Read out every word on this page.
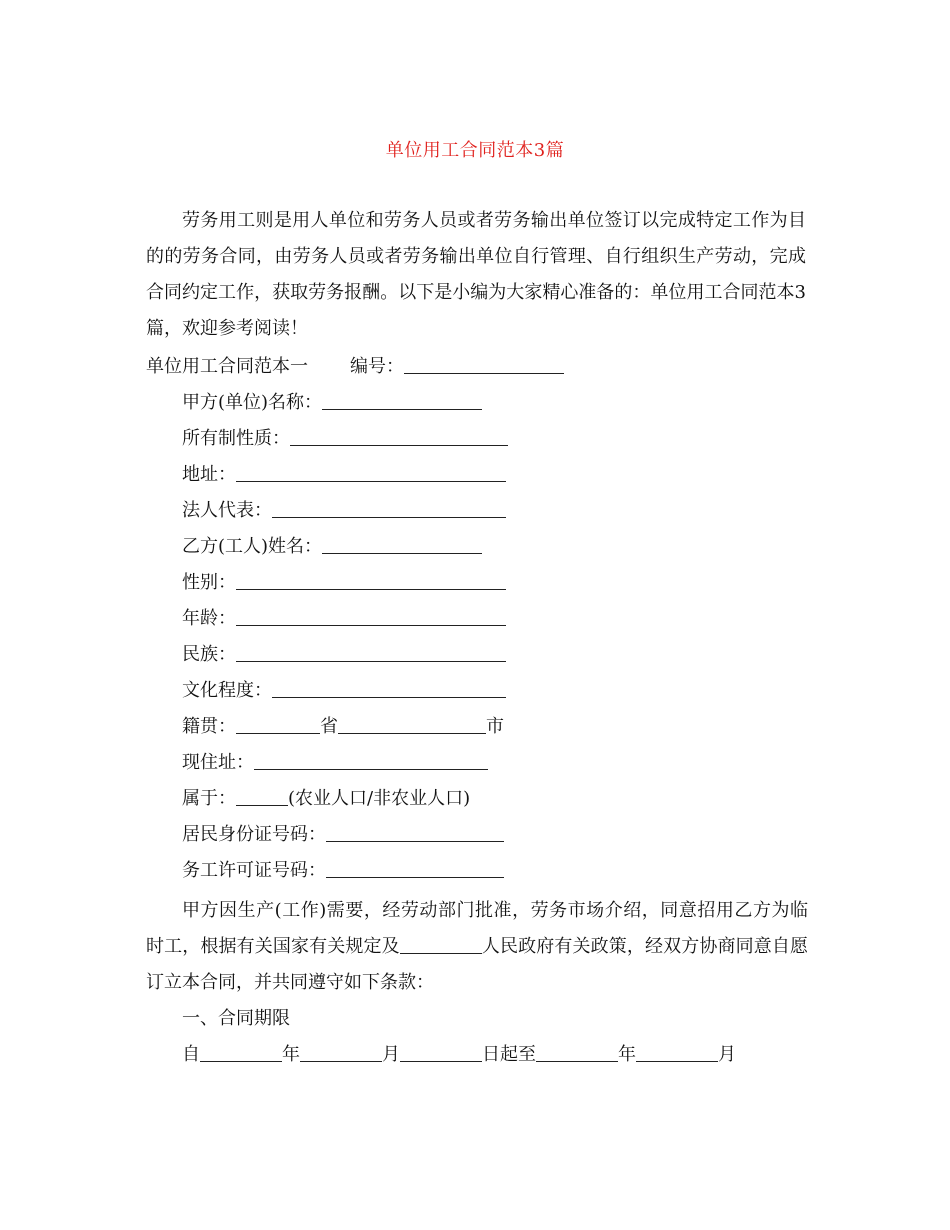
单位用工合同范本3篇

劳务用工则是用人单位和劳务人员或者劳务输出单位签订以完成特定工作为目的的劳务合同，由劳务人员或者劳务输出单位自行管理、自行组织生产劳动，完成合同约定工作，获取劳务报酬。以下是小编为大家精心准备的：单位用工合同范本3篇，欢迎参考阅读！

单位用工合同范本一 编号：
甲方(单位)名称：
所有制性质：
地址：
法人代表：
乙方(工人)姓名：
性别：
年龄：
民族：
文化程度：
籍贯：	省	市
现住址：
属于：	(农业人口/非农业人口)
居民身份证号码：
务工许可证号码：

甲方因生产(工作)需要，经劳动部门批准，劳务市场介绍，同意招用乙方为临时工，根据有关国家有关规定及	人民政府有关政策，经双方协商同意自愿订立本合同，并共同遵守如下条款：

一、合同期限
自	年	月	日起至	年	月
